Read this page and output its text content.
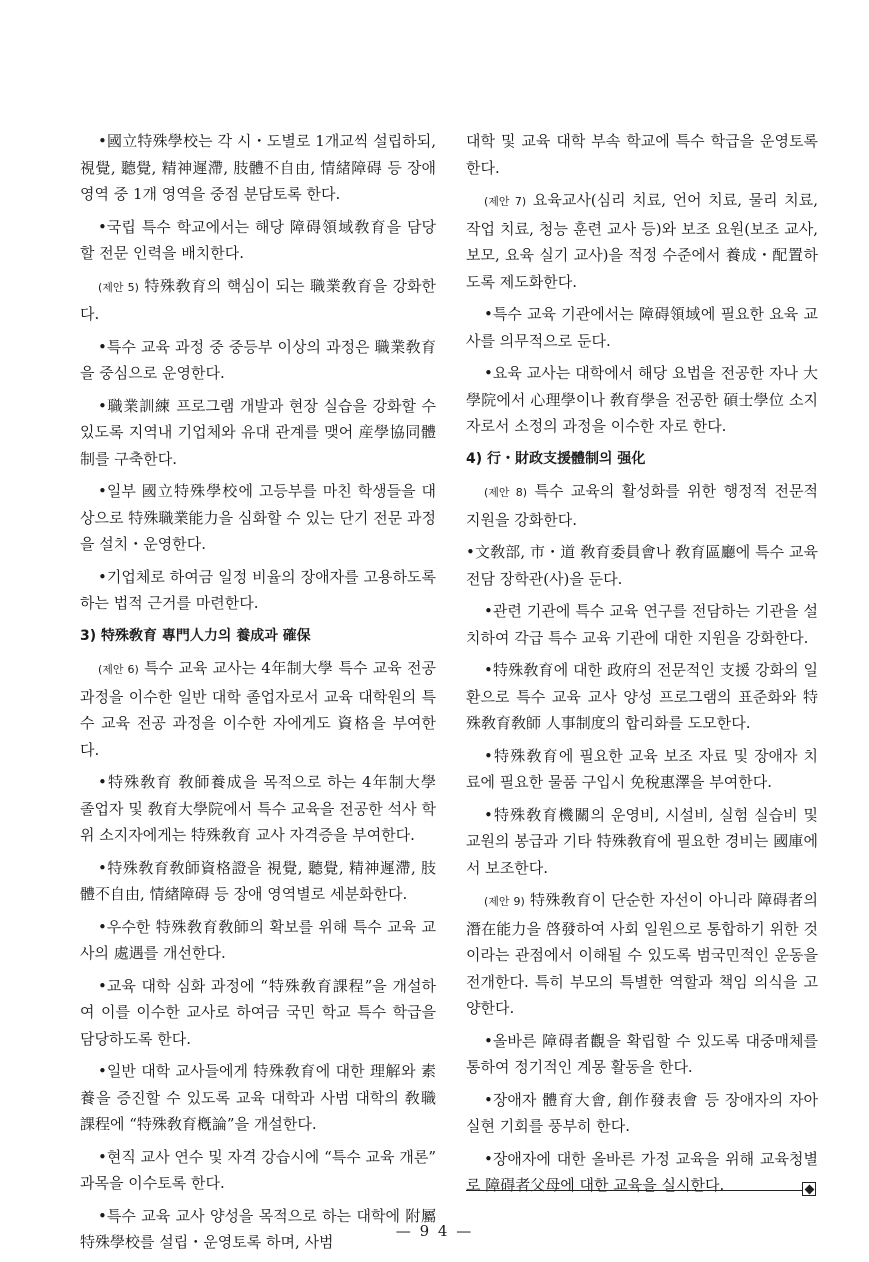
•國立特殊學校는 각 시・도별로 1개교씩 설립하되, 視覺, 聽覺, 精神遲滯, 肢體不自由, 情緒障碍 등 장애 영역 중 1개 영역을 중점 분담토록 한다.

•국립 특수 학교에서는 해당 障碍領域敎育을 담당할 전문 인력을 배치한다.

(제안 5) 特殊敎育의 핵심이 되는 職業敎育을 강화한다.

•특수 교육 과정 중 중등부 이상의 과정은 職業敎育을 중심으로 운영한다.

•職業訓練 프로그램 개발과 현장 실습을 강화할 수 있도록 지역내 기업체와 유대 관계를 맺어 産學協同體制를 구축한다.

•일부 國立特殊學校에 고등부를 마친 학생들을 대상으로 特殊職業能力을 심화할 수 있는 단기 전문 과정을 설치・운영한다.

•기업체로 하여금 일정 비율의 장애자를 고용하도록 하는 법적 근거를 마련한다.

3) 特殊敎育 專門人力의 養成과 確保

(제안 6) 특수 교육 교사는 4年制大學 특수 교육 전공 과정을 이수한 일반 대학 졸업자로서 교육 대학원의 특수 교육 전공 과정을 이수한 자에게도 資格을 부여한다.

•特殊敎育 敎師養成을 목적으로 하는 4年制大學 졸업자 및 敎育大學院에서 특수 교육을 전공한 석사 학위 소지자에게는 特殊敎育 교사 자격증을 부여한다.

•特殊敎育敎師資格證을 視覺, 聽覺, 精神遲滯, 肢體不自由, 情緖障碍 등 장애 영역별로 세분화한다.

•우수한 特殊敎育敎師의 확보를 위해 특수 교육 교사의 處遇를 개선한다.

•교육 대학 심화 과정에 “特殊敎育課程”을 개설하여 이를 이수한 교사로 하여금 국민 학교 특수 학급을 담당하도록 한다.

•일반 대학 교사들에게 特殊敎育에 대한 理解와 素養을 증진할 수 있도록 교육 대학과 사범 대학의 敎職課程에 “特殊敎育槪論”을 개설한다.

•현직 교사 연수 및 자격 강습시에 “특수 교육 개론” 과목을 이수토록 한다.

•특수 교육 교사 양성을 목적으로 하는 대학에 附屬特殊學校를 설립・운영토록 하며, 사범

대학 및 교육 대학 부속 학교에 특수 학급을 운영토록 한다.

(제안 7) 요육교사(심리 치료, 언어 치료, 물리 치료, 작업 치료, 청능 훈련 교사 등)와 보조 요원(보조 교사, 보모, 요육 실기 교사)을 적정 수준에서 養成・配置하도록 제도화한다.

•특수 교육 기관에서는 障碍領域에 필요한 요육 교사를 의무적으로 둔다.

•요육 교사는 대학에서 해당 요법을 전공한 자나 大學院에서 心理學이나 敎育學을 전공한 碩士學位 소지자로서 소정의 과정을 이수한 자로 한다.

4) 行・財政支援體制의 强化

(제안 8) 특수 교육의 활성화를 위한 행정적 전문적 지원을 강화한다.

•文敎部, 市・道 敎育委員會나 敎育區廳에 특수 교육 전담 장학관(사)을 둔다.

•관련 기관에 특수 교육 연구를 전담하는 기관을 설치하여 각급 특수 교육 기관에 대한 지원을 강화한다.

•特殊敎育에 대한 政府의 전문적인 支援 강화의 일환으로 특수 교육 교사 양성 프로그램의 표준화와 特殊敎育敎師 人事制度의 합리화를 도모한다.

•特殊敎育에 필요한 교육 보조 자료 및 장애자 치료에 필요한 물품 구입시 免稅惠澤을 부여한다.

•特殊敎育機關의 운영비, 시설비, 실험 실습비 및 교원의 봉급과 기타 特殊敎育에 필요한 경비는 國庫에서 보조한다.

(제안 9) 特殊敎育이 단순한 자선이 아니라 障碍者의 潛在能力을 啓發하여 사회 일원으로 통합하기 위한 것이라는 관점에서 이해될 수 있도록 범국민적인 운동을 전개한다. 특히 부모의 특별한 역할과 책임 의식을 고양한다.

•올바른 障碍者觀을 확립할 수 있도록 대중매체를 통하여 정기적인 계몽 활동을 한다.

•장애자 體育大會, 創作發表會 등 장애자의 자아 실현 기회를 풍부히 한다.

•장애자에 대한 올바른 가정 교육을 위해 교육청별로 障碍者父母에 대한 교육을 실시한다.

— 9 4 —
